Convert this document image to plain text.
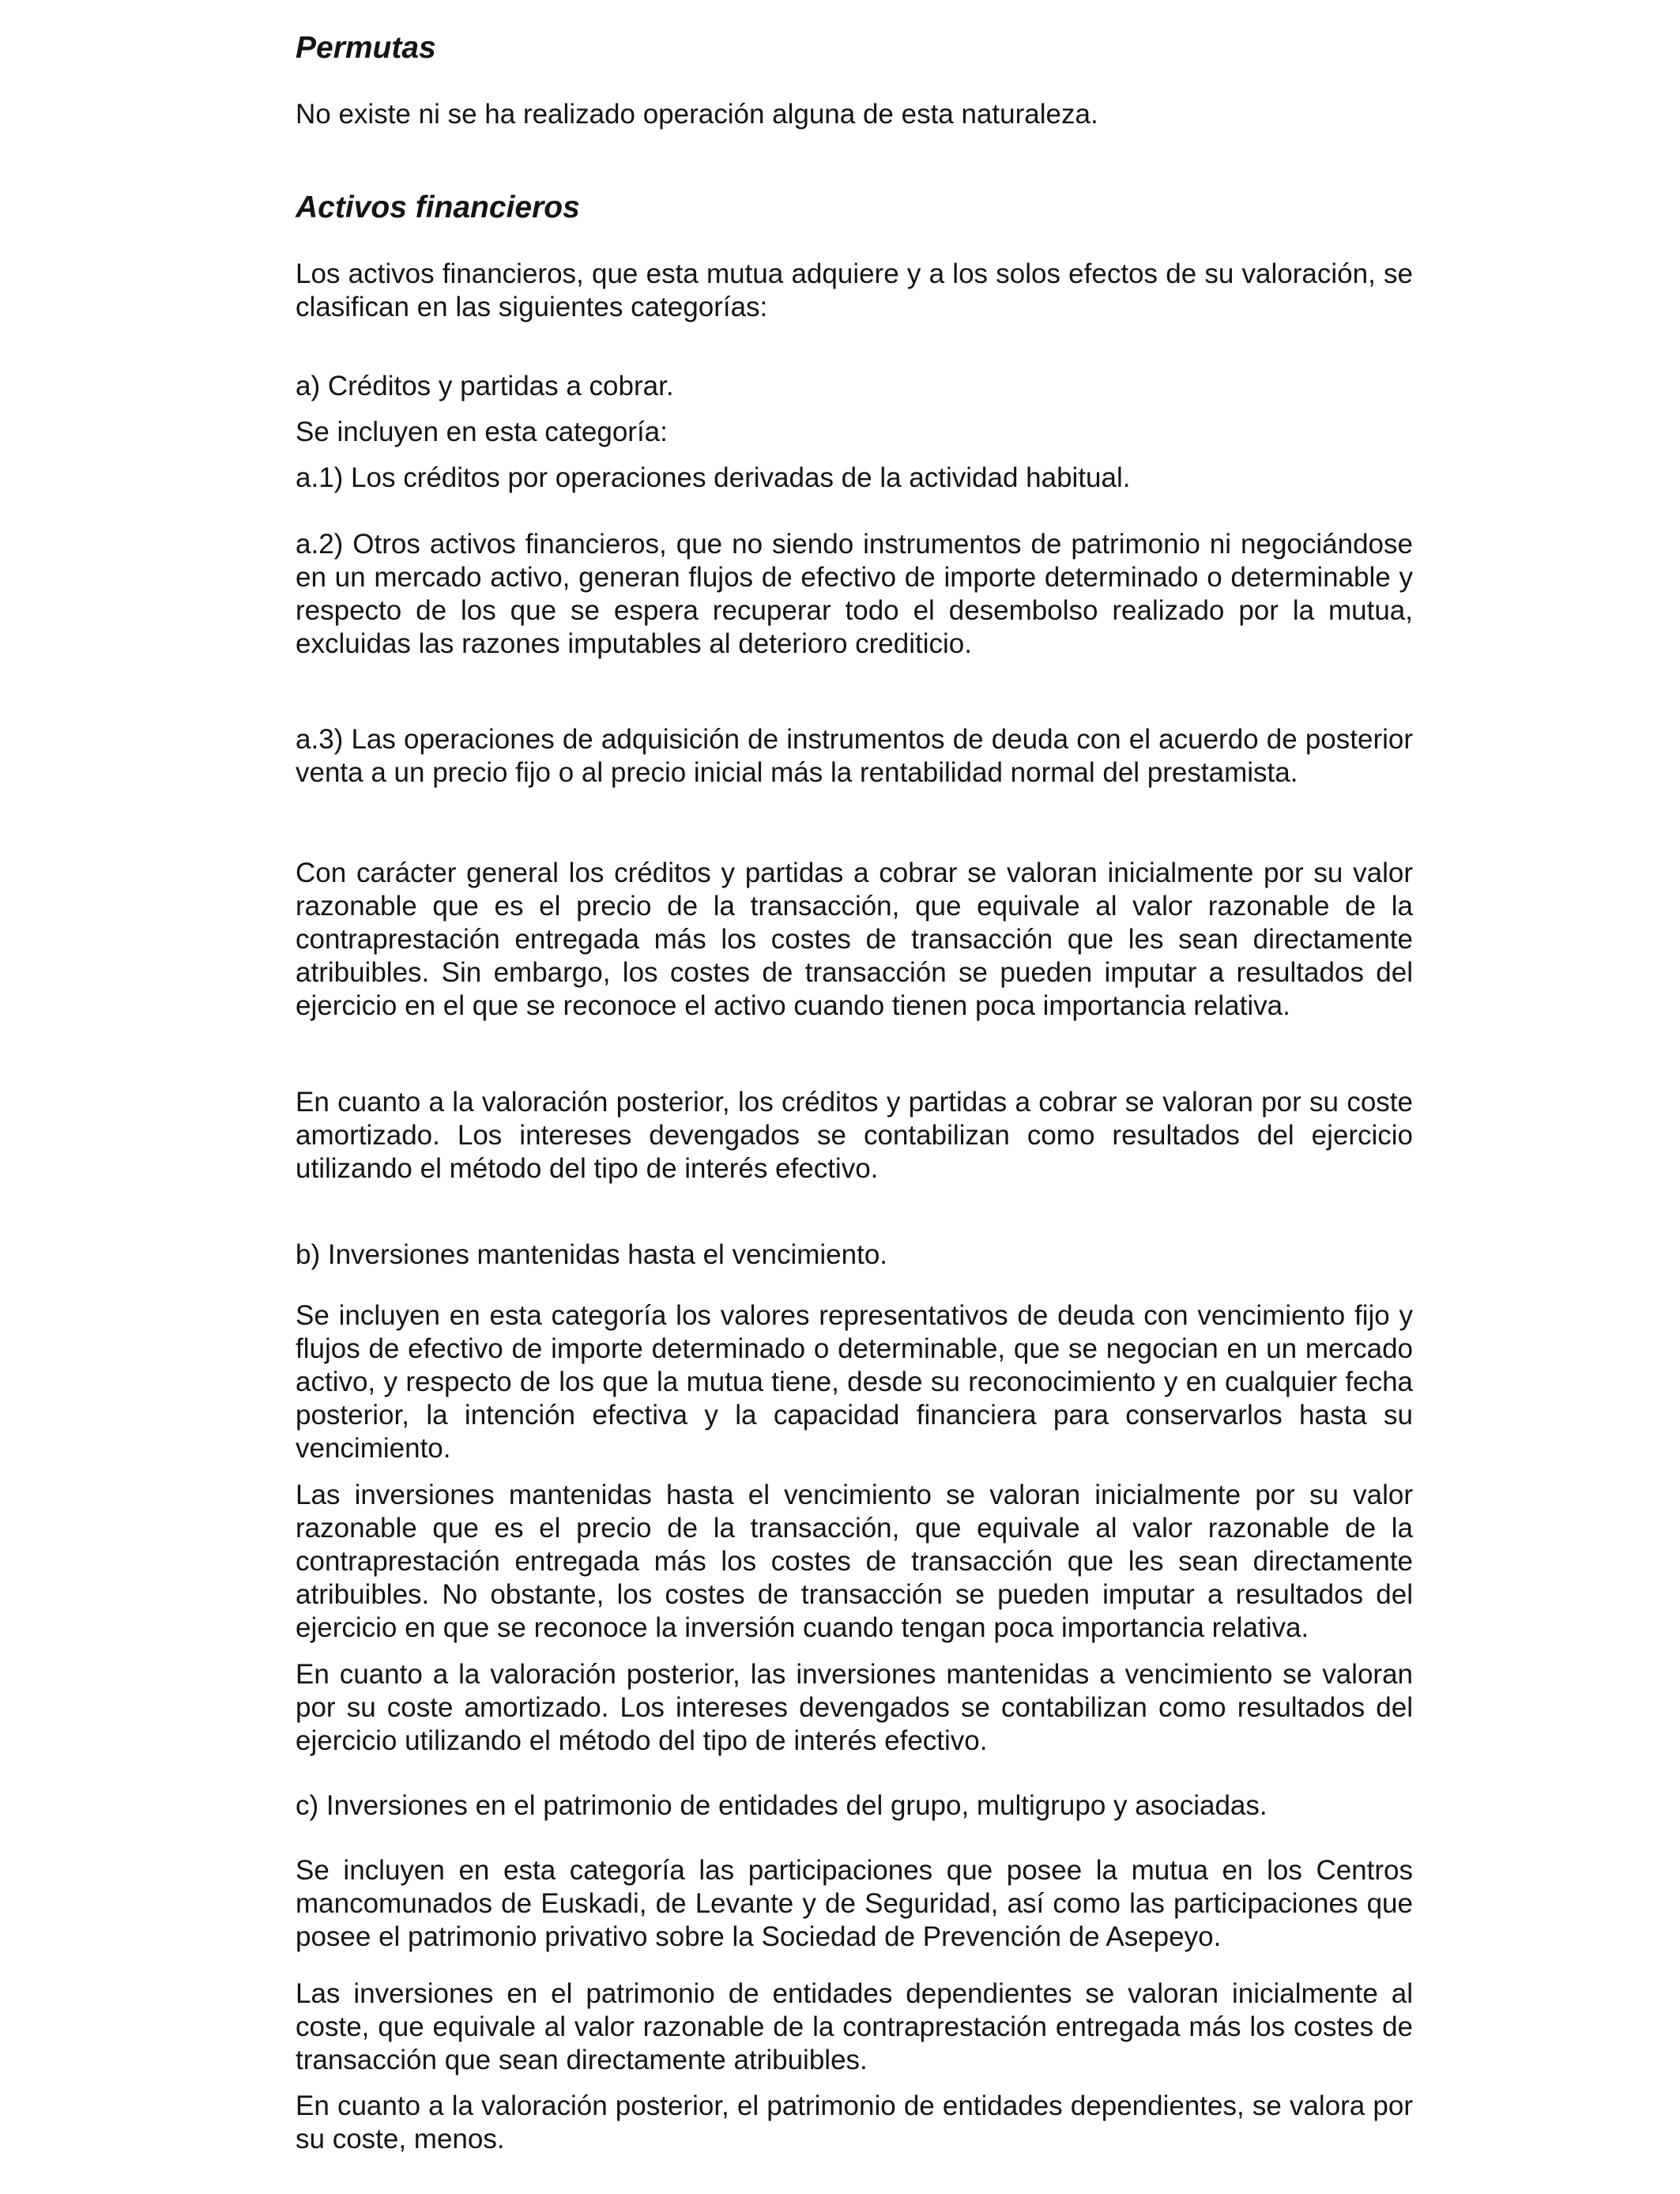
Permutas

No existe ni se ha realizado operación alguna de esta naturaleza.

Activos financieros

Los activos financieros, que esta mutua adquiere y a los solos efectos de su valoración, se clasifican en las siguientes categorías:

a) Créditos y partidas a cobrar.

Se incluyen en esta categoría:

a.1) Los créditos por operaciones derivadas de la actividad habitual.

a.2) Otros activos financieros, que no siendo instrumentos de patrimonio ni negociándose en un mercado activo, generan flujos de efectivo de importe determinado o determinable y respecto de los que se espera recuperar todo el desembolso realizado por la mutua, excluidas las razones imputables al deterioro crediticio.

a.3) Las operaciones de adquisición de instrumentos de deuda con el acuerdo de posterior venta a un precio fijo o al precio inicial más la rentabilidad normal del prestamista.

Con carácter general los créditos y partidas a cobrar se valoran inicialmente por su valor razonable que es el precio de la transacción, que equivale al valor razonable de la contraprestación entregada más los costes de transacción que les sean directamente atribuibles. Sin embargo, los costes de transacción se pueden imputar a resultados del ejercicio en el que se reconoce el activo cuando tienen poca importancia relativa.

En cuanto a la valoración posterior, los créditos y partidas a cobrar se valoran por su coste amortizado. Los intereses devengados se contabilizan como resultados del ejercicio utilizando el método del tipo de interés efectivo.

b) Inversiones mantenidas hasta el vencimiento.

Se incluyen en esta categoría los valores representativos de deuda con vencimiento fijo y flujos de efectivo de importe determinado o determinable, que se negocian en un mercado activo, y respecto de los que la mutua tiene, desde su reconocimiento y en cualquier fecha posterior, la intención efectiva y la capacidad financiera para conservarlos hasta su vencimiento.

Las inversiones mantenidas hasta el vencimiento se valoran inicialmente por su valor razonable que es el precio de la transacción, que equivale al valor razonable de la contraprestación entregada más los costes de transacción que les sean directamente atribuibles. No obstante, los costes de transacción se pueden imputar a resultados del ejercicio en que se reconoce la inversión cuando tengan poca importancia relativa.

En cuanto a la valoración posterior, las inversiones mantenidas a vencimiento se valoran por su coste amortizado. Los intereses devengados se contabilizan como resultados del ejercicio utilizando el método del tipo de interés efectivo.

c) Inversiones en el patrimonio de entidades del grupo, multigrupo y asociadas.

Se incluyen en esta categoría las participaciones que posee la mutua en los Centros mancomunados de Euskadi, de Levante y de Seguridad, así como las participaciones que posee el patrimonio privativo sobre la Sociedad de Prevención de Asepeyo.

Las inversiones en el patrimonio de entidades dependientes se valoran inicialmente al coste, que equivale al valor razonable de la contraprestación entregada más los costes de transacción que sean directamente atribuibles.

En cuanto a la valoración posterior, el patrimonio de entidades dependientes, se valora por su coste, menos.
